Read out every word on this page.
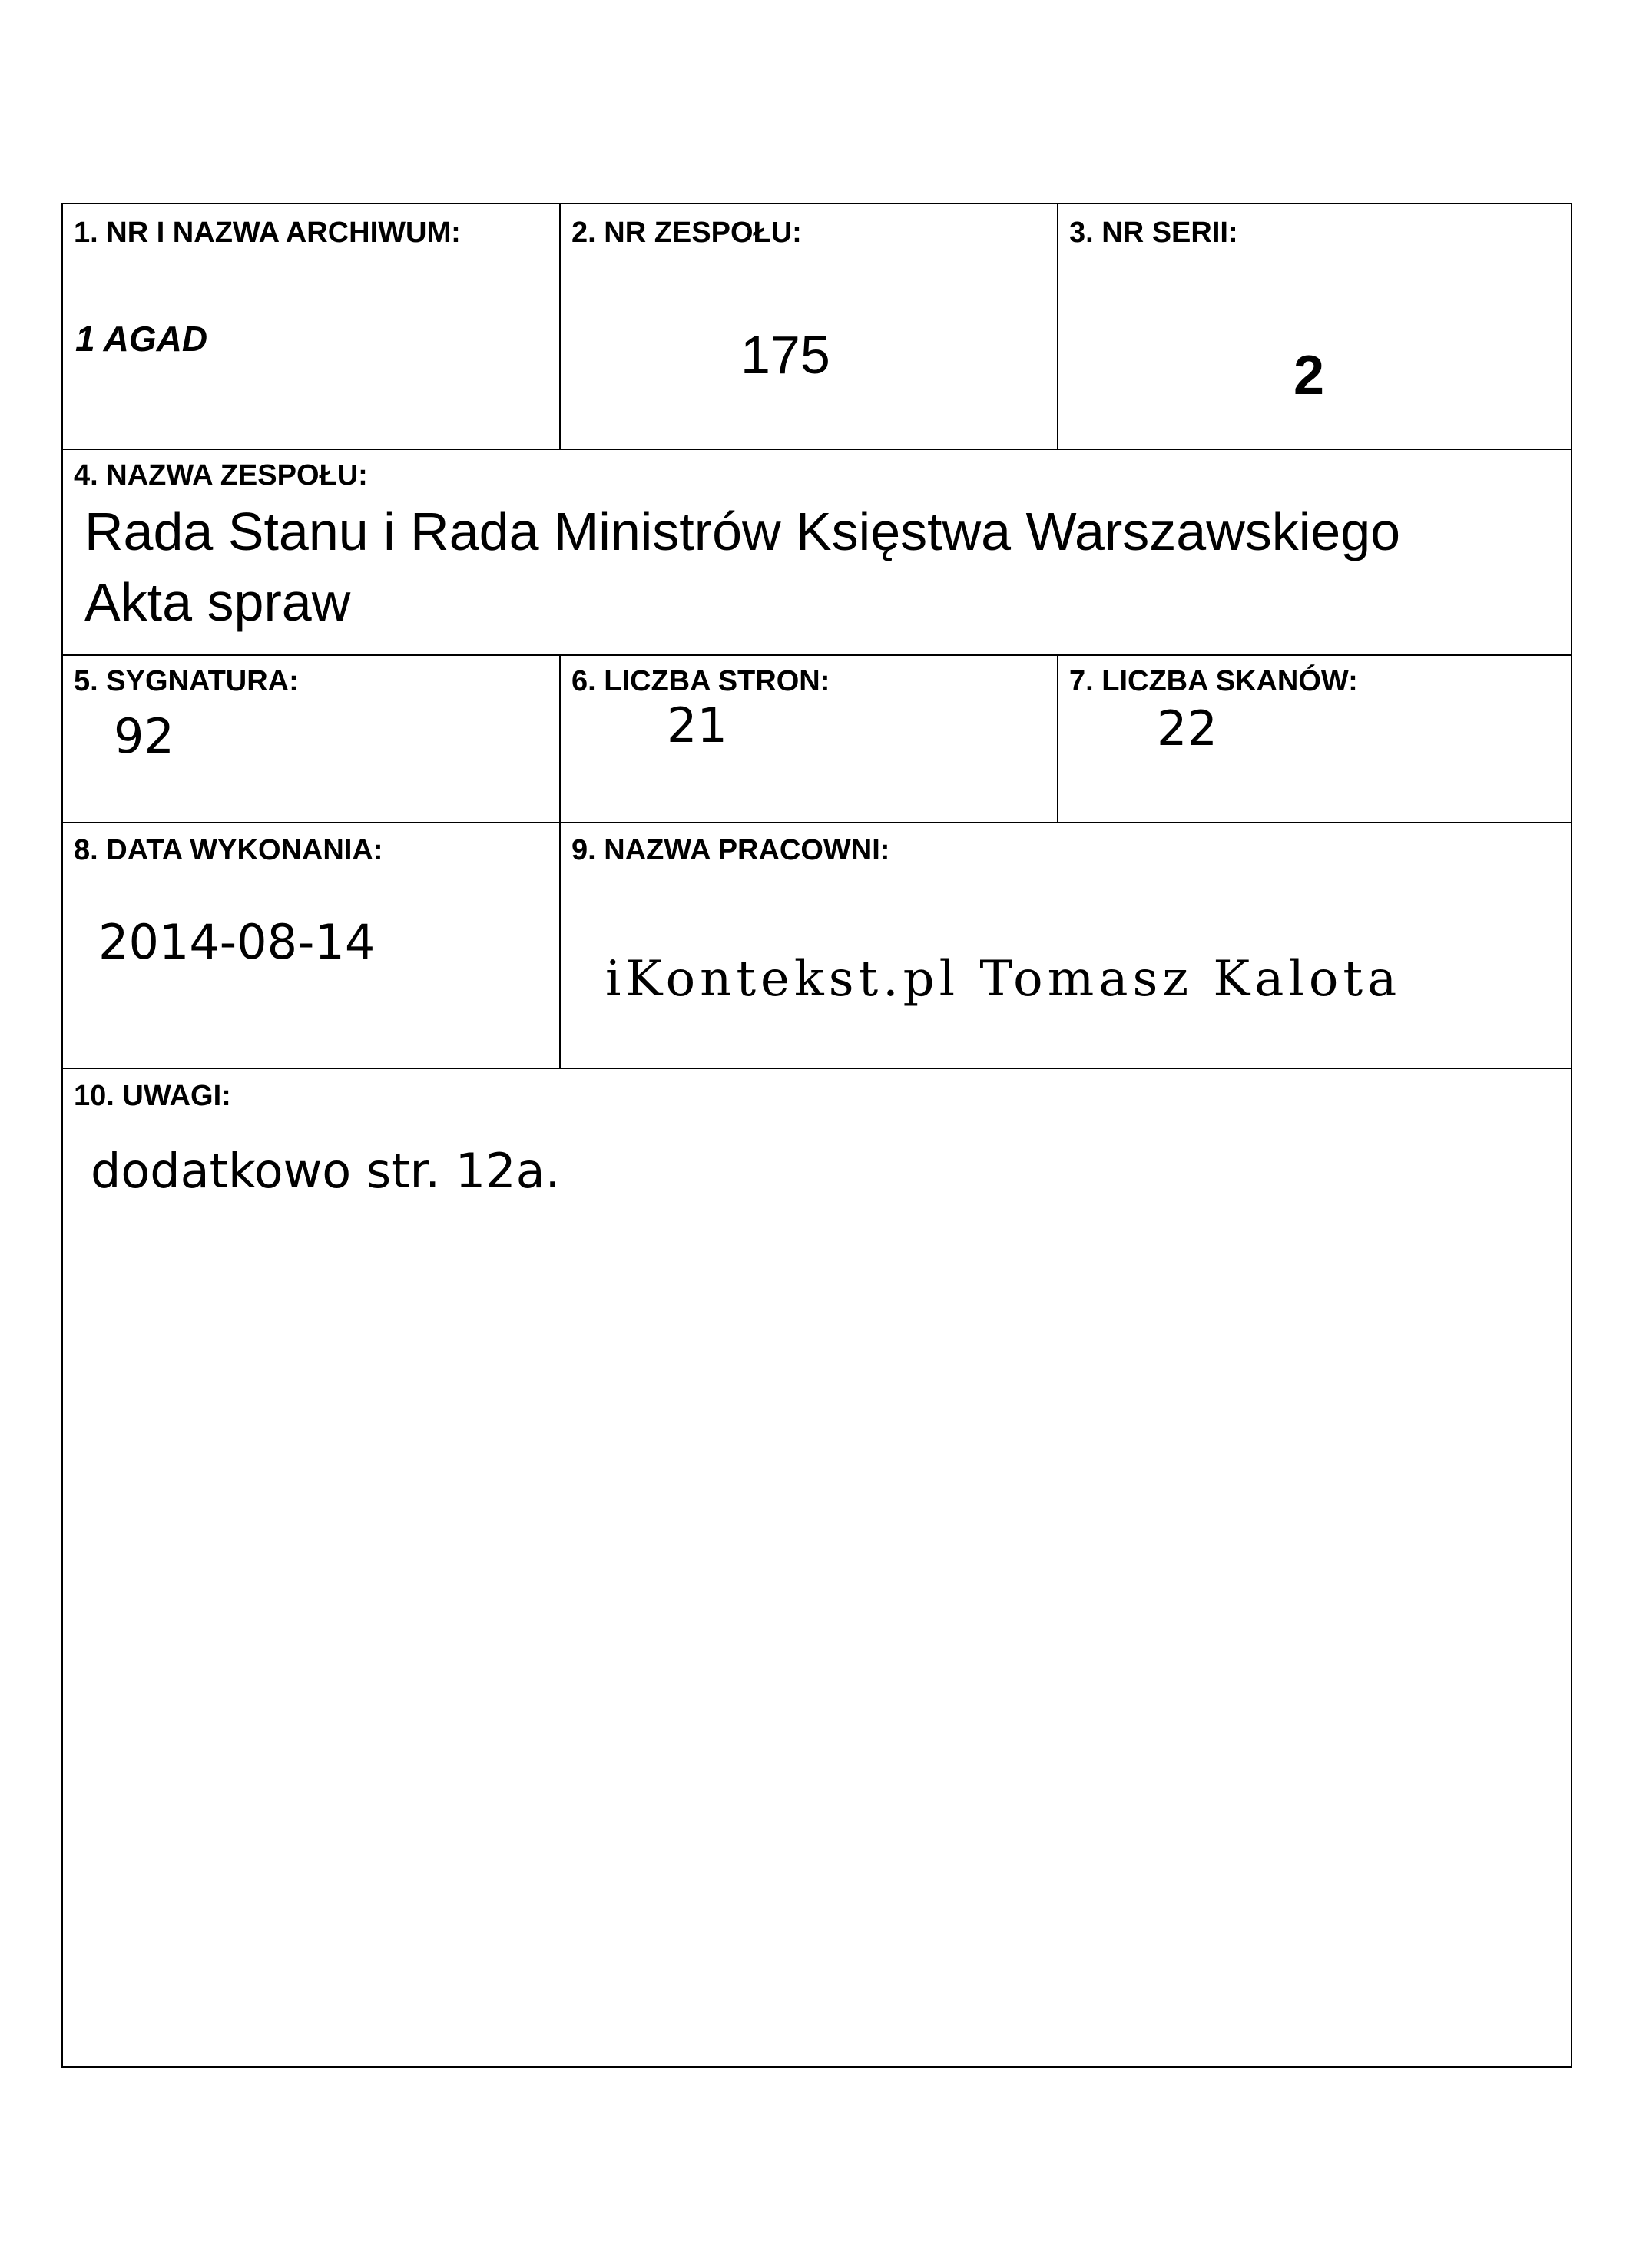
1. NR I NAZWA ARCHIWUM:
1 AGAD
2. NR ZESPOŁU:
175
3. NR SERII:
2
4. NAZWA ZESPOŁU:
Rada Stanu i Rada Ministrów Księstwa Warszawskiego
Akta spraw
5. SYGNATURA:
92
6. LICZBA STRON:
21
7. LICZBA SKANÓW:
22
8. DATA WYKONANIA:
2014-08-14
9. NAZWA PRACOWNI:
iKontekst.pl Tomasz Kalota
10. UWAGI:
dodatkowo str. 12a.
